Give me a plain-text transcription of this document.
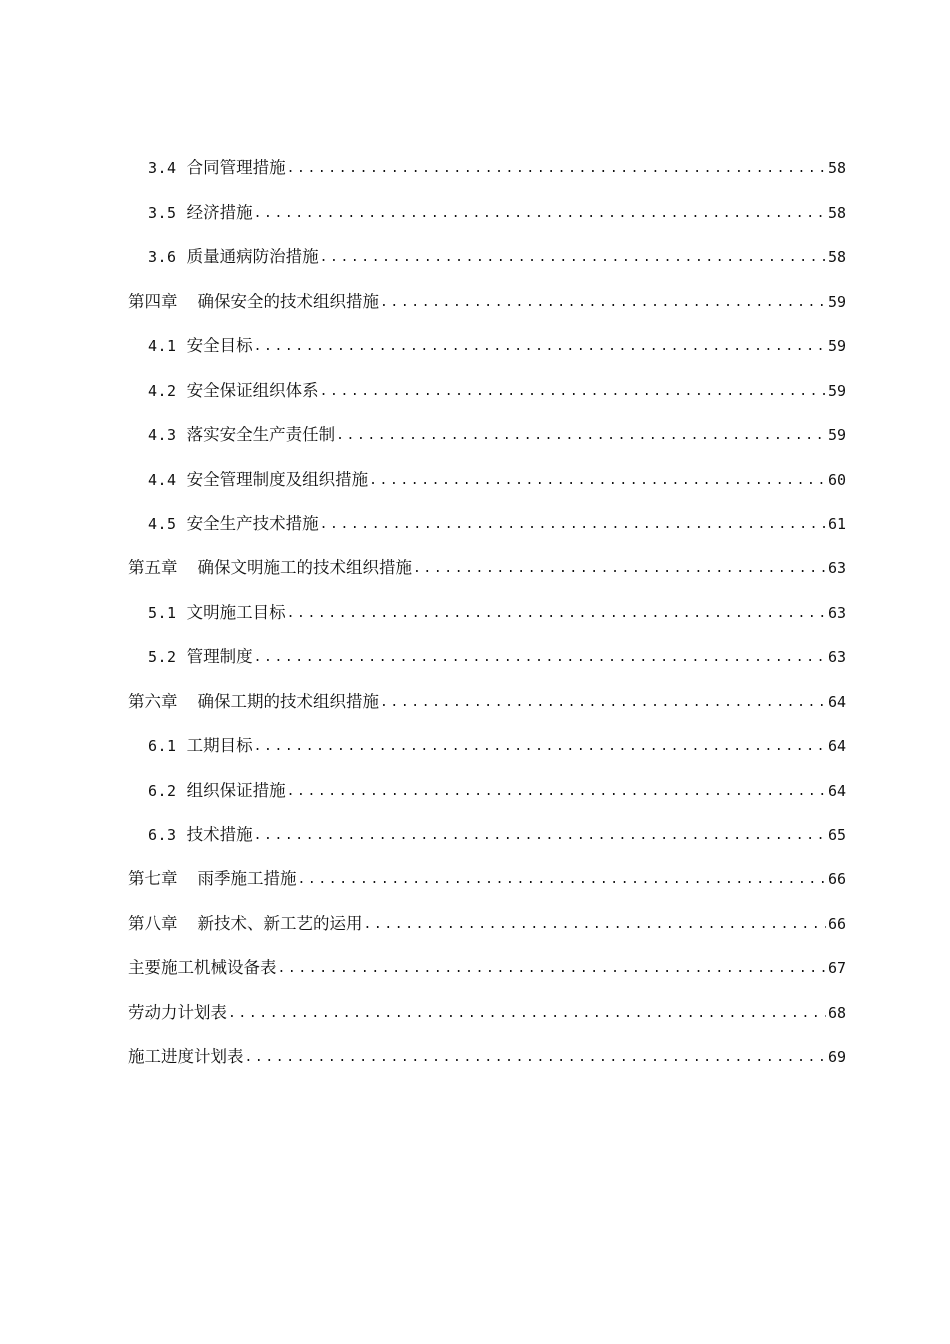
3.4 合同管理措施 .....	58
3.5 经济措施 .....	58
3.6 质量通病防治措施 .....	58
第四章 确保安全的技术组织措施 .....	59
4.1 安全目标 .....	59
4.2 安全保证组织体系 .....	59
4.3 落实安全生产责任制 .....	59
4.4 安全管理制度及组织措施 .....	60
4.5 安全生产技术措施 .....	61
第五章 确保文明施工的技术组织措施 .....	63
5.1 文明施工目标 .....	63
5.2 管理制度 .....	63
第六章 确保工期的技术组织措施 .....	64
6.1 工期目标 .....	64
6.2 组织保证措施 .....	64
6.3 技术措施 .....	65
第七章 雨季施工措施 .....	66
第八章 新技术、新工艺的运用 .....	66
主要施工机械设备表 .....	67
劳动力计划表 .....	68
施工进度计划表 .....	69
